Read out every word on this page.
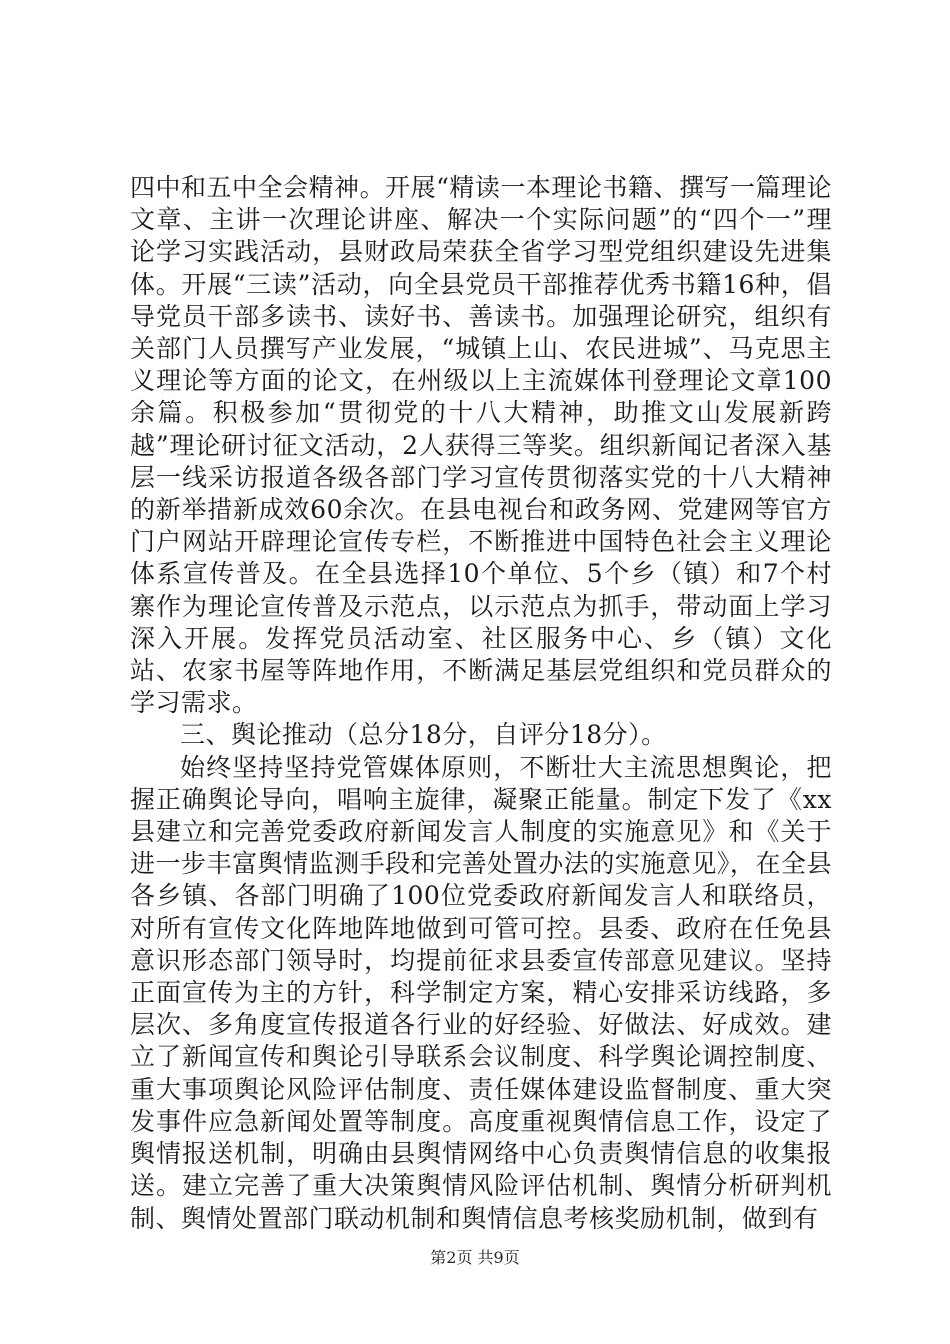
四中和五中全会精神。开展“精读一本理论书籍、撰写一篇理论文章、主讲一次理论讲座、解决一个实际问题”的“四个一”理论学习实践活动，县财政局荣获全省学习型党组织建设先进集体。开展“三读”活动，向全县党员干部推荐优秀书籍16种，倡导党员干部多读书、读好书、善读书。加强理论研究，组织有关部门人员撰写产业发展，“城镇上山、农民进城”、马克思主义理论等方面的论文，在州级以上主流媒体刊登理论文章100余篇。积极参加“贯彻党的十八大精神，助推文山发展新跨越”理论研讨征文活动，2人获得三等奖。组织新闻记者深入基层一线采访报道各级各部门学习宣传贯彻落实党的十八大精神的新举措新成效60余次。在县电视台和政务网、党建网等官方门户网站开辟理论宣传专栏，不断推进中国特色社会主义理论体系宣传普及。在全县选择10个单位、5个乡（镇）和7个村寨作为理论宣传普及示范点，以示范点为抓手，带动面上学习深入开展。发挥党员活动室、社区服务中心、乡（镇）文化站、农家书屋等阵地作用，不断满足基层党组织和党员群众的学习需求。

三、舆论推动（总分18分，自评分18分）。

始终坚持坚持党管媒体原则，不断壮大主流思想舆论，把握正确舆论导向，唱响主旋律，凝聚正能量。制定下发了《xx县建立和完善党委政府新闻发言人制度的实施意见》和《关于进一步丰富舆情监测手段和完善处置办法的实施意见》，在全县各乡镇、各部门明确了100位党委政府新闻发言人和联络员，对所有宣传文化阵地阵地做到可管可控。县委、政府在任免县意识形态部门领导时，均提前征求县委宣传部意见建议。坚持正面宣传为主的方针，科学制定方案，精心安排采访线路，多层次、多角度宣传报道各行业的好经验、好做法、好成效。建立了新闻宣传和舆论引导联系会议制度、科学舆论调控制度、重大事项舆论风险评估制度、责任媒体建设监督制度、重大突发事件应急新闻处置等制度。高度重视舆情信息工作，设定了舆情报送机制，明确由县舆情网络中心负责舆情信息的收集报送。建立完善了重大决策舆情风险评估机制、舆情分析研判机制、舆情处置部门联动机制和舆情信息考核奖励机制，做到有

第2页 共9页
